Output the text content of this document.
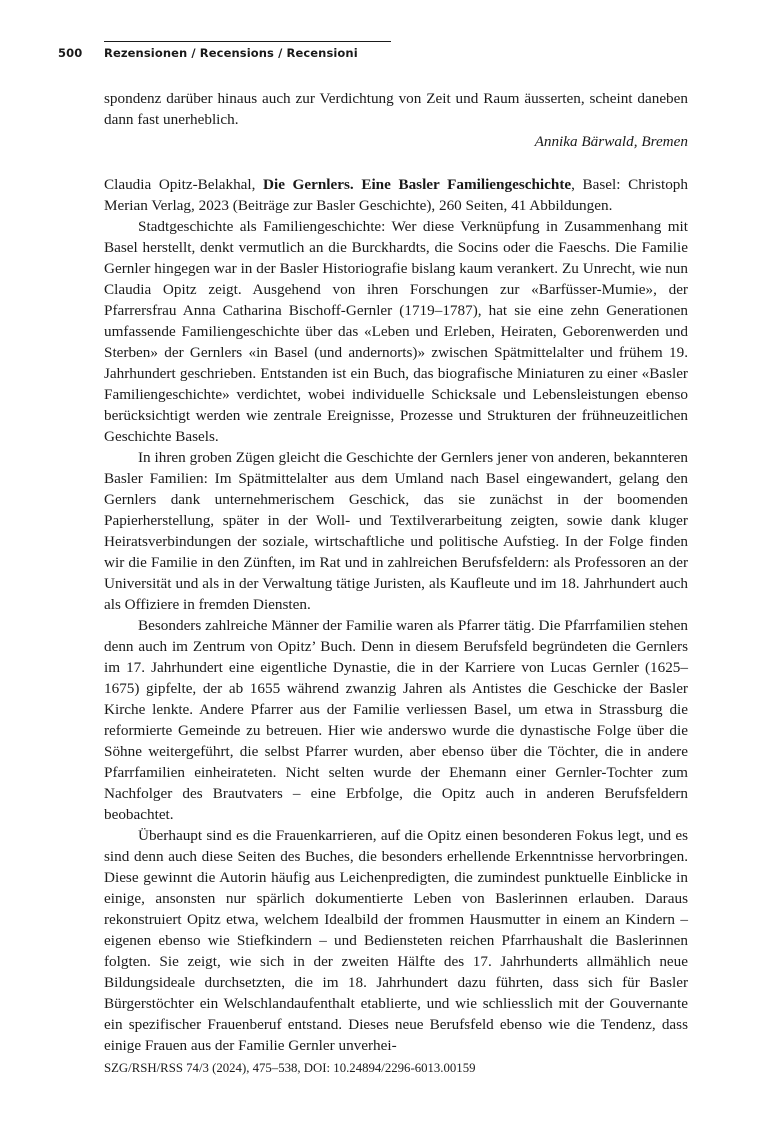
500 Rezensionen / Recensions / Recensioni

spondenz darüber hinaus auch zur Verdichtung von Zeit und Raum äusserten, scheint daneben dann fast unerheblich.

Annika Bärwald, Bremen

Claudia Opitz-Belakhal, Die Gernlers. Eine Basler Familiengeschichte, Basel: Christoph Merian Verlag, 2023 (Beiträge zur Basler Geschichte), 260 Seiten, 41 Abbildungen.

Stadtgeschichte als Familiengeschichte: Wer diese Verknüpfung in Zusammenhang mit Basel herstellt, denkt vermutlich an die Burckhardts, die Socins oder die Faeschs. Die Familie Gernler hingegen war in der Basler Historiografie bislang kaum verankert. Zu Unrecht, wie nun Claudia Opitz zeigt. Ausgehend von ihren Forschungen zur «Barfüsser-Mumie», der Pfarrersfrau Anna Catharina Bischoff-Gernler (1719–1787), hat sie eine zehn Generationen umfassende Familiengeschichte über das «Leben und Erleben, Heiraten, Geborenwerden und Sterben» der Gernlers «in Basel (und andernorts)» zwischen Spätmittelalter und frühem 19. Jahrhundert geschrieben. Entstanden ist ein Buch, das biografische Miniaturen zu einer «Basler Familiengeschichte» verdichtet, wobei individuelle Schicksale und Lebensleistungen ebenso berücksichtigt werden wie zentrale Ereignisse, Prozesse und Strukturen der frühneuzeitlichen Geschichte Basels.

In ihren groben Zügen gleicht die Geschichte der Gernlers jener von anderen, bekannteren Basler Familien: Im Spätmittelalter aus dem Umland nach Basel eingewandert, gelang den Gernlers dank unternehmerischem Geschick, das sie zunächst in der boomenden Papierherstellung, später in der Woll- und Textilverarbeitung zeigten, sowie dank kluger Heiratsverbindungen der soziale, wirtschaftliche und politische Aufstieg. In der Folge finden wir die Familie in den Zünften, im Rat und in zahlreichen Berufsfeldern: als Professoren an der Universität und als in der Verwaltung tätige Juristen, als Kaufleute und im 18. Jahrhundert auch als Offiziere in fremden Diensten.

Besonders zahlreiche Männer der Familie waren als Pfarrer tätig. Die Pfarrfamilien stehen denn auch im Zentrum von Opitz’ Buch. Denn in diesem Berufsfeld begründeten die Gernlers im 17. Jahrhundert eine eigentliche Dynastie, die in der Karriere von Lucas Gernler (1625–1675) gipfelte, der ab 1655 während zwanzig Jahren als Antistes die Geschicke der Basler Kirche lenkte. Andere Pfarrer aus der Familie verliessen Basel, um etwa in Strassburg die reformierte Gemeinde zu betreuen. Hier wie anderswo wurde die dynastische Folge über die Söhne weitergeführt, die selbst Pfarrer wurden, aber ebenso über die Töchter, die in andere Pfarrfamilien einheirateten. Nicht selten wurde der Ehemann einer Gernler-Tochter zum Nachfolger des Brautvaters – eine Erbfolge, die Opitz auch in anderen Berufsfeldern beobachtet.

Überhaupt sind es die Frauenkarrieren, auf die Opitz einen besonderen Fokus legt, und es sind denn auch diese Seiten des Buches, die besonders erhellende Erkenntnisse hervorbringen. Diese gewinnt die Autorin häufig aus Leichenpredigten, die zumindest punktuelle Einblicke in einige, ansonsten nur spärlich dokumentierte Leben von Baslerinnen erlauben. Daraus rekonstruiert Opitz etwa, welchem Idealbild der frommen Hausmutter in einem an Kindern – eigenen ebenso wie Stiefkindern – und Bediensteten reichen Pfarrhaushalt die Baslerinnen folgten. Sie zeigt, wie sich in der zweiten Hälfte des 17. Jahrhunderts allmählich neue Bildungsideale durchsetzten, die im 18. Jahrhundert dazu führten, dass sich für Basler Bürgerstöchter ein Welschlandaufenthalt etablierte, und wie schliesslich mit der Gouvernante ein spezifischer Frauenberuf entstand. Dieses neue Berufsfeld ebenso wie die Tendenz, dass einige Frauen aus der Familie Gernler unverhei-

SZG/RSH/RSS 74/3 (2024), 475–538, DOI: 10.24894/2296-6013.00159
